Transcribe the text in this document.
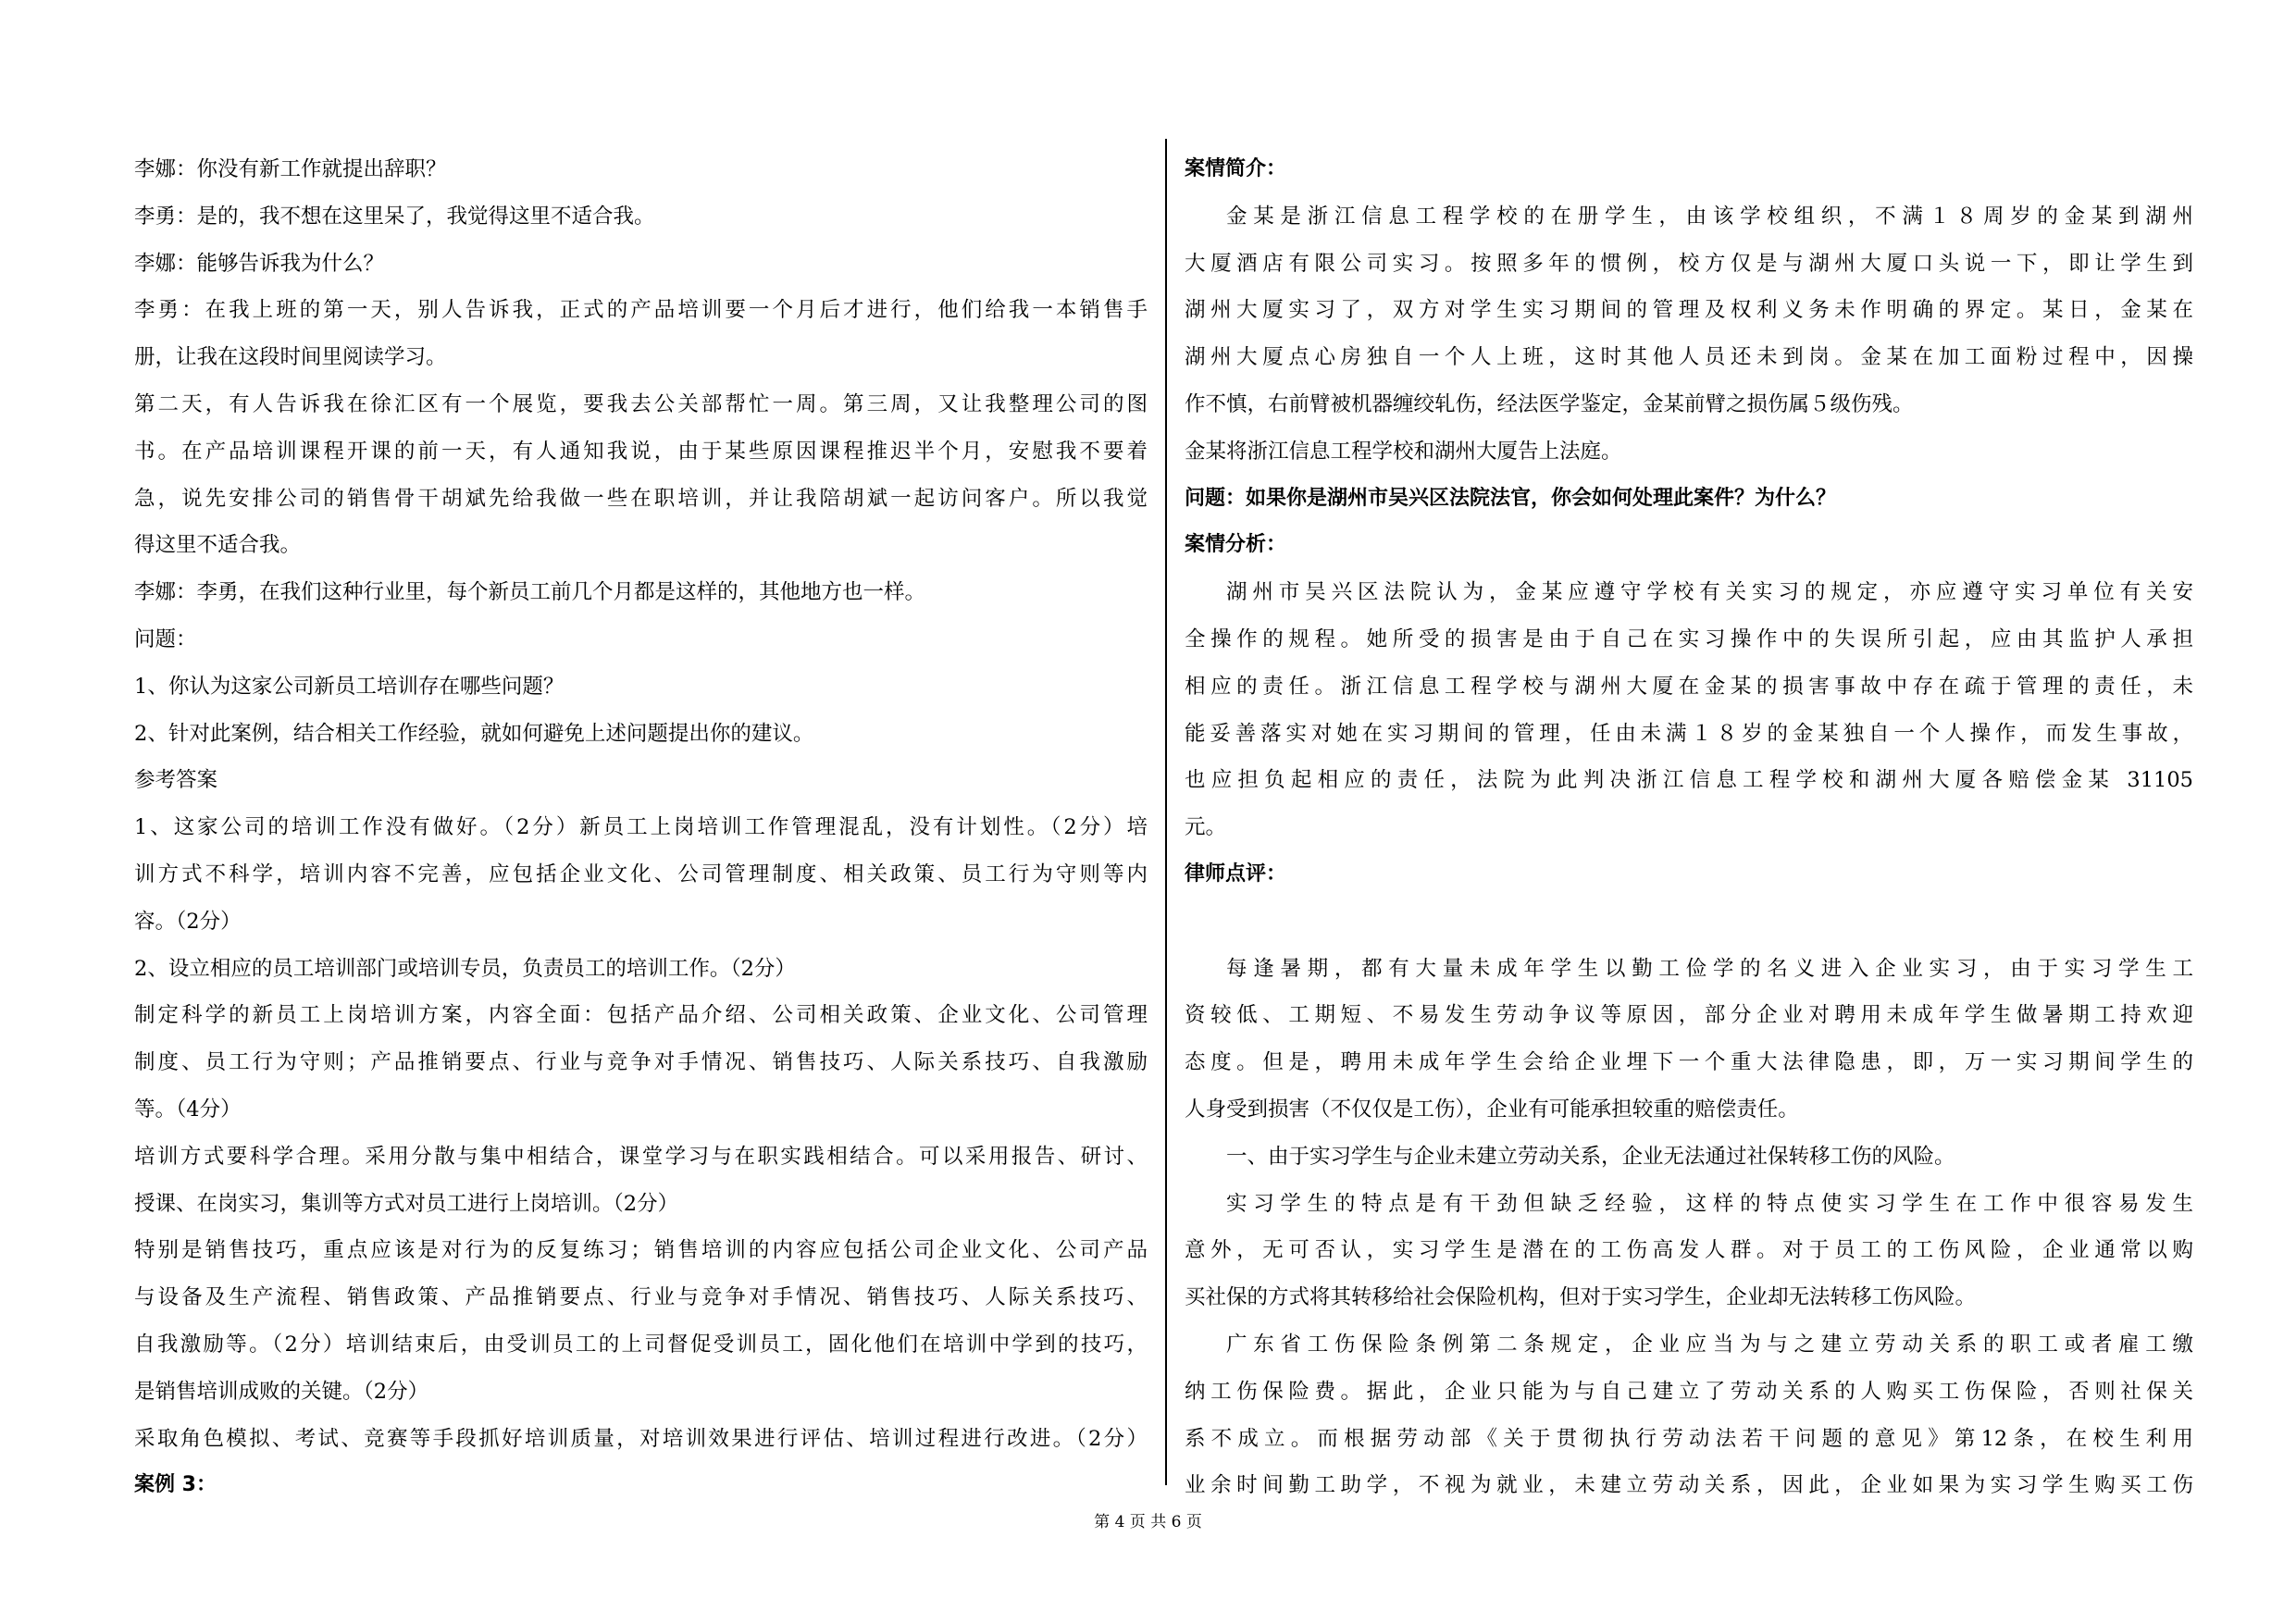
李娜：你没有新工作就提出辞职？
李勇：是的，我不想在这里呆了，我觉得这里不适合我。
李娜：能够告诉我为什么？
李勇：在我上班的第一天，别人告诉我，正式的产品培训要一个月后才进行，他们给我一本销售手
册，让我在这段时间里阅读学习。
第二天，有人告诉我在徐汇区有一个展览，要我去公关部帮忙一周。第三周，又让我整理公司的图
书。在产品培训课程开课的前一天，有人通知我说，由于某些原因课程推迟半个月，安慰我不要着
急，说先安排公司的销售骨干胡斌先给我做一些在职培训，并让我陪胡斌一起访问客户。所以我觉
得这里不适合我。
李娜：李勇，在我们这种行业里，每个新员工前几个月都是这样的，其他地方也一样。
问题：
1、你认为这家公司新员工培训存在哪些问题？
2、针对此案例，结合相关工作经验，就如何避免上述问题提出你的建议。
参考答案
1、这家公司的培训工作没有做好。（2分）新员工上岗培训工作管理混乱，没有计划性。（2分）培
训方式不科学，培训内容不完善，应包括企业文化、公司管理制度、相关政策、员工行为守则等内
容。（2分）
2、设立相应的员工培训部门或培训专员，负责员工的培训工作。（2分）
制定科学的新员工上岗培训方案，内容全面：包括产品介绍、公司相关政策、企业文化、公司管理
制度、员工行为守则；产品推销要点、行业与竞争对手情况、销售技巧、人际关系技巧、自我激励
等。（4分）
培训方式要科学合理。采用分散与集中相结合，课堂学习与在职实践相结合。可以采用报告、研讨、
授课、在岗实习，集训等方式对员工进行上岗培训。（2分）
特别是销售技巧，重点应该是对行为的反复练习；销售培训的内容应包括公司企业文化、公司产品
与设备及生产流程、销售政策、产品推销要点、行业与竞争对手情况、销售技巧、人际关系技巧、
自我激励等。（2分）培训结束后，由受训员工的上司督促受训员工，固化他们在培训中学到的技巧，
是销售培训成败的关键。（2分）
采取角色模拟、考试、竞赛等手段抓好培训质量，对培训效果进行评估、培训过程进行改进。（2分）
案例 3：
案情简介：
金某是浙江信息工程学校的在册学生，由该学校组织，不满１８周岁的金某到湖州
大厦酒店有限公司实习。按照多年的惯例，校方仅是与湖州大厦口头说一下，即让学生到
湖州大厦实习了，双方对学生实习期间的管理及权利义务未作明确的界定。某日，金某在
湖州大厦点心房独自一个人上班，这时其他人员还未到岗。金某在加工面粉过程中，因操
作不慎，右前臂被机器缠绞轧伤，经法医学鉴定，金某前臂之损伤属５级伤残。
金某将浙江信息工程学校和湖州大厦告上法庭。
问题：如果你是湖州市吴兴区法院法官，你会如何处理此案件？为什么？
案情分析：
湖州市吴兴区法院认为，金某应遵守学校有关实习的规定，亦应遵守实习单位有关安
全操作的规程。她所受的损害是由于自己在实习操作中的失误所引起，应由其监护人承担
相应的责任。浙江信息工程学校与湖州大厦在金某的损害事故中存在疏于管理的责任，未
能妥善落实对她在实习期间的管理，任由未满１８岁的金某独自一个人操作，而发生事故，
也应担负起相应的责任，法院为此判决浙江信息工程学校和湖州大厦各赔偿金某 31105
元。
律师点评：
每逢暑期，都有大量未成年学生以勤工俭学的名义进入企业实习，由于实习学生工
资较低、工期短、不易发生劳动争议等原因，部分企业对聘用未成年学生做暑期工持欢迎
态度。但是，聘用未成年学生会给企业埋下一个重大法律隐患，即，万一实习期间学生的
人身受到损害（不仅仅是工伤），企业有可能承担较重的赔偿责任。
一、由于实习学生与企业未建立劳动关系，企业无法通过社保转移工伤的风险。
实习学生的特点是有干劲但缺乏经验，这样的特点使实习学生在工作中很容易发生
意外，无可否认，实习学生是潜在的工伤高发人群。对于员工的工伤风险，企业通常以购
买社保的方式将其转移给社会保险机构，但对于实习学生，企业却无法转移工伤风险。
广东省工伤保险条例第二条规定，企业应当为与之建立劳动关系的职工或者雇工缴
纳工伤保险费。据此，企业只能为与自己建立了劳动关系的人购买工伤保险，否则社保关
系不成立。而根据劳动部《关于贯彻执行劳动法若干问题的意见》第12条，在校生利用
业余时间勤工助学，不视为就业，未建立劳动关系，因此，企业如果为实习学生购买工伤
第 4 页 共 6 页
